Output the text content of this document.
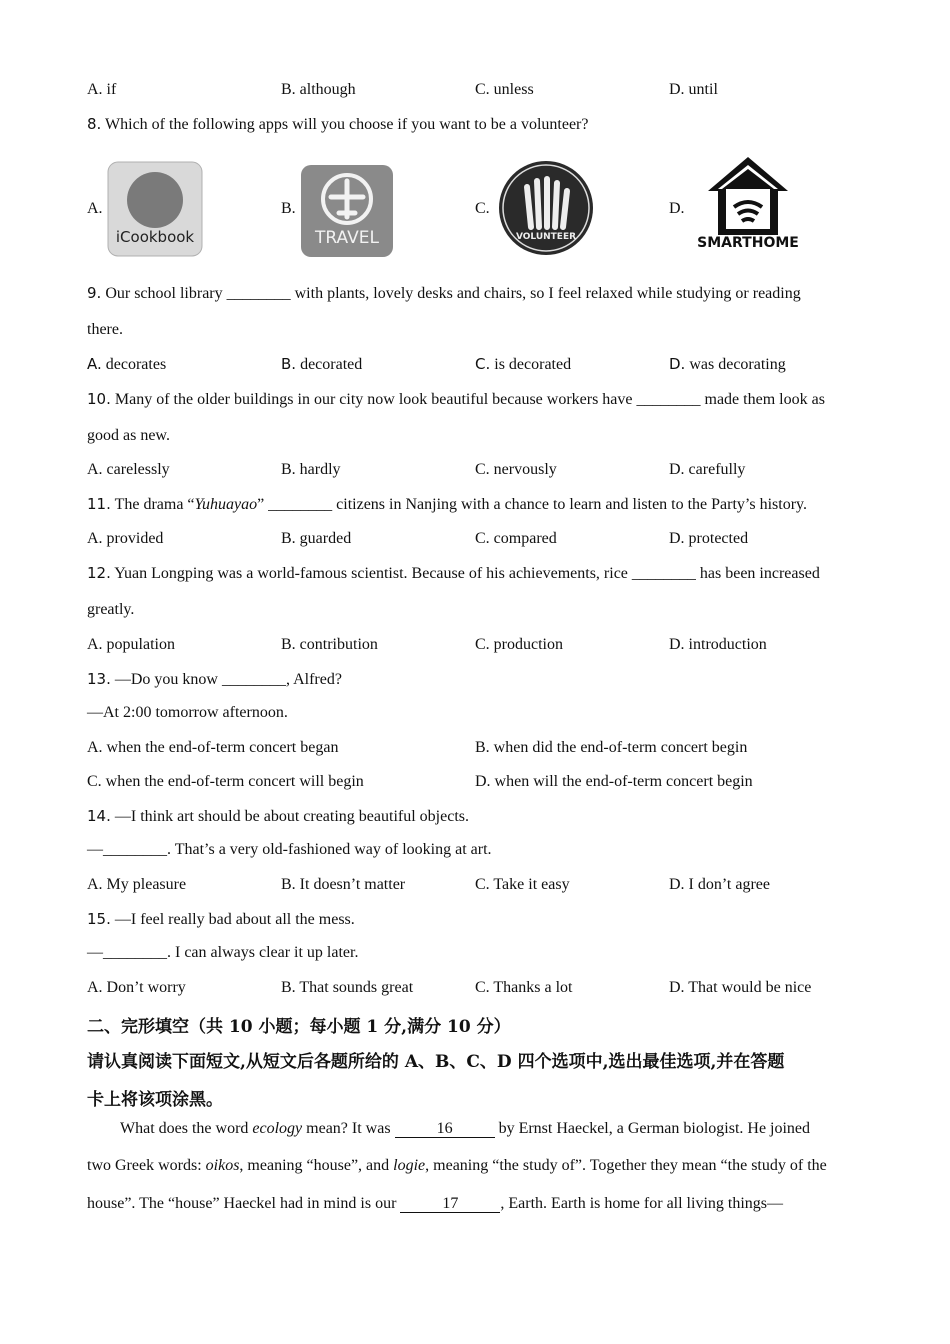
A. if	B. although	C. unless	D. until
8. Which of the following apps will you choose if you want to be a volunteer?
A.
iCookbook
B.
TRAVEL
C.
VOLUNTEER
D.
SMARTHOME
9. Our school library ________ with plants, lovely desks and chairs, so I feel relaxed while studying or reading
there.
A. decorates	B. decorated	C. is decorated	D. was decorating
10. Many of the older buildings in our city now look beautiful because workers have ________ made them look as
good as new.
A. carelessly	B. hardly	C. nervously	D. carefully
11. The drama “Yuhuayao” ________ citizens in Nanjing with a chance to learn and listen to the Party’s history.
A. provided	B. guarded	C. compared	D. protected
12. Yuan Longping was a world-famous scientist. Because of his achievements, rice ________ has been increased
greatly.
A. population	B. contribution	C. production	D. introduction
13. —Do you know ________, Alfred?
—At 2:00 tomorrow afternoon.
A. when the end-of-term concert began	B. when did the end-of-term concert begin
C. when the end-of-term concert will begin	D. when will the end-of-term concert begin
14. —I think art should be about creating beautiful objects.
—________. That’s a very old-fashioned way of looking at art.
A. My pleasure	B. It doesn’t matter	C. Take it easy	D. I don’t agree
15. —I feel really bad about all the mess.
—________. I can always clear it up later.
A. Don’t worry	B. That sounds great	C. Thanks a lot	D. That would be nice
二、完形填空（共 10 小题；每小题 1 分,满分 10 分）
请认真阅读下面短文,从短文后各题所给的 A、B、C、D 四个选项中,选出最佳选项,并在答题
卡上将该项涂黑。
What does the word ecology mean? It was	16	by Ernst Haeckel, a German biologist. He joined
two Greek words: oikos, meaning “house”, and logie, meaning “the study of”. Together they mean “the study of the
house”. The “house” Haeckel had in mind is our	17	, Earth. Earth is home for all living things—
